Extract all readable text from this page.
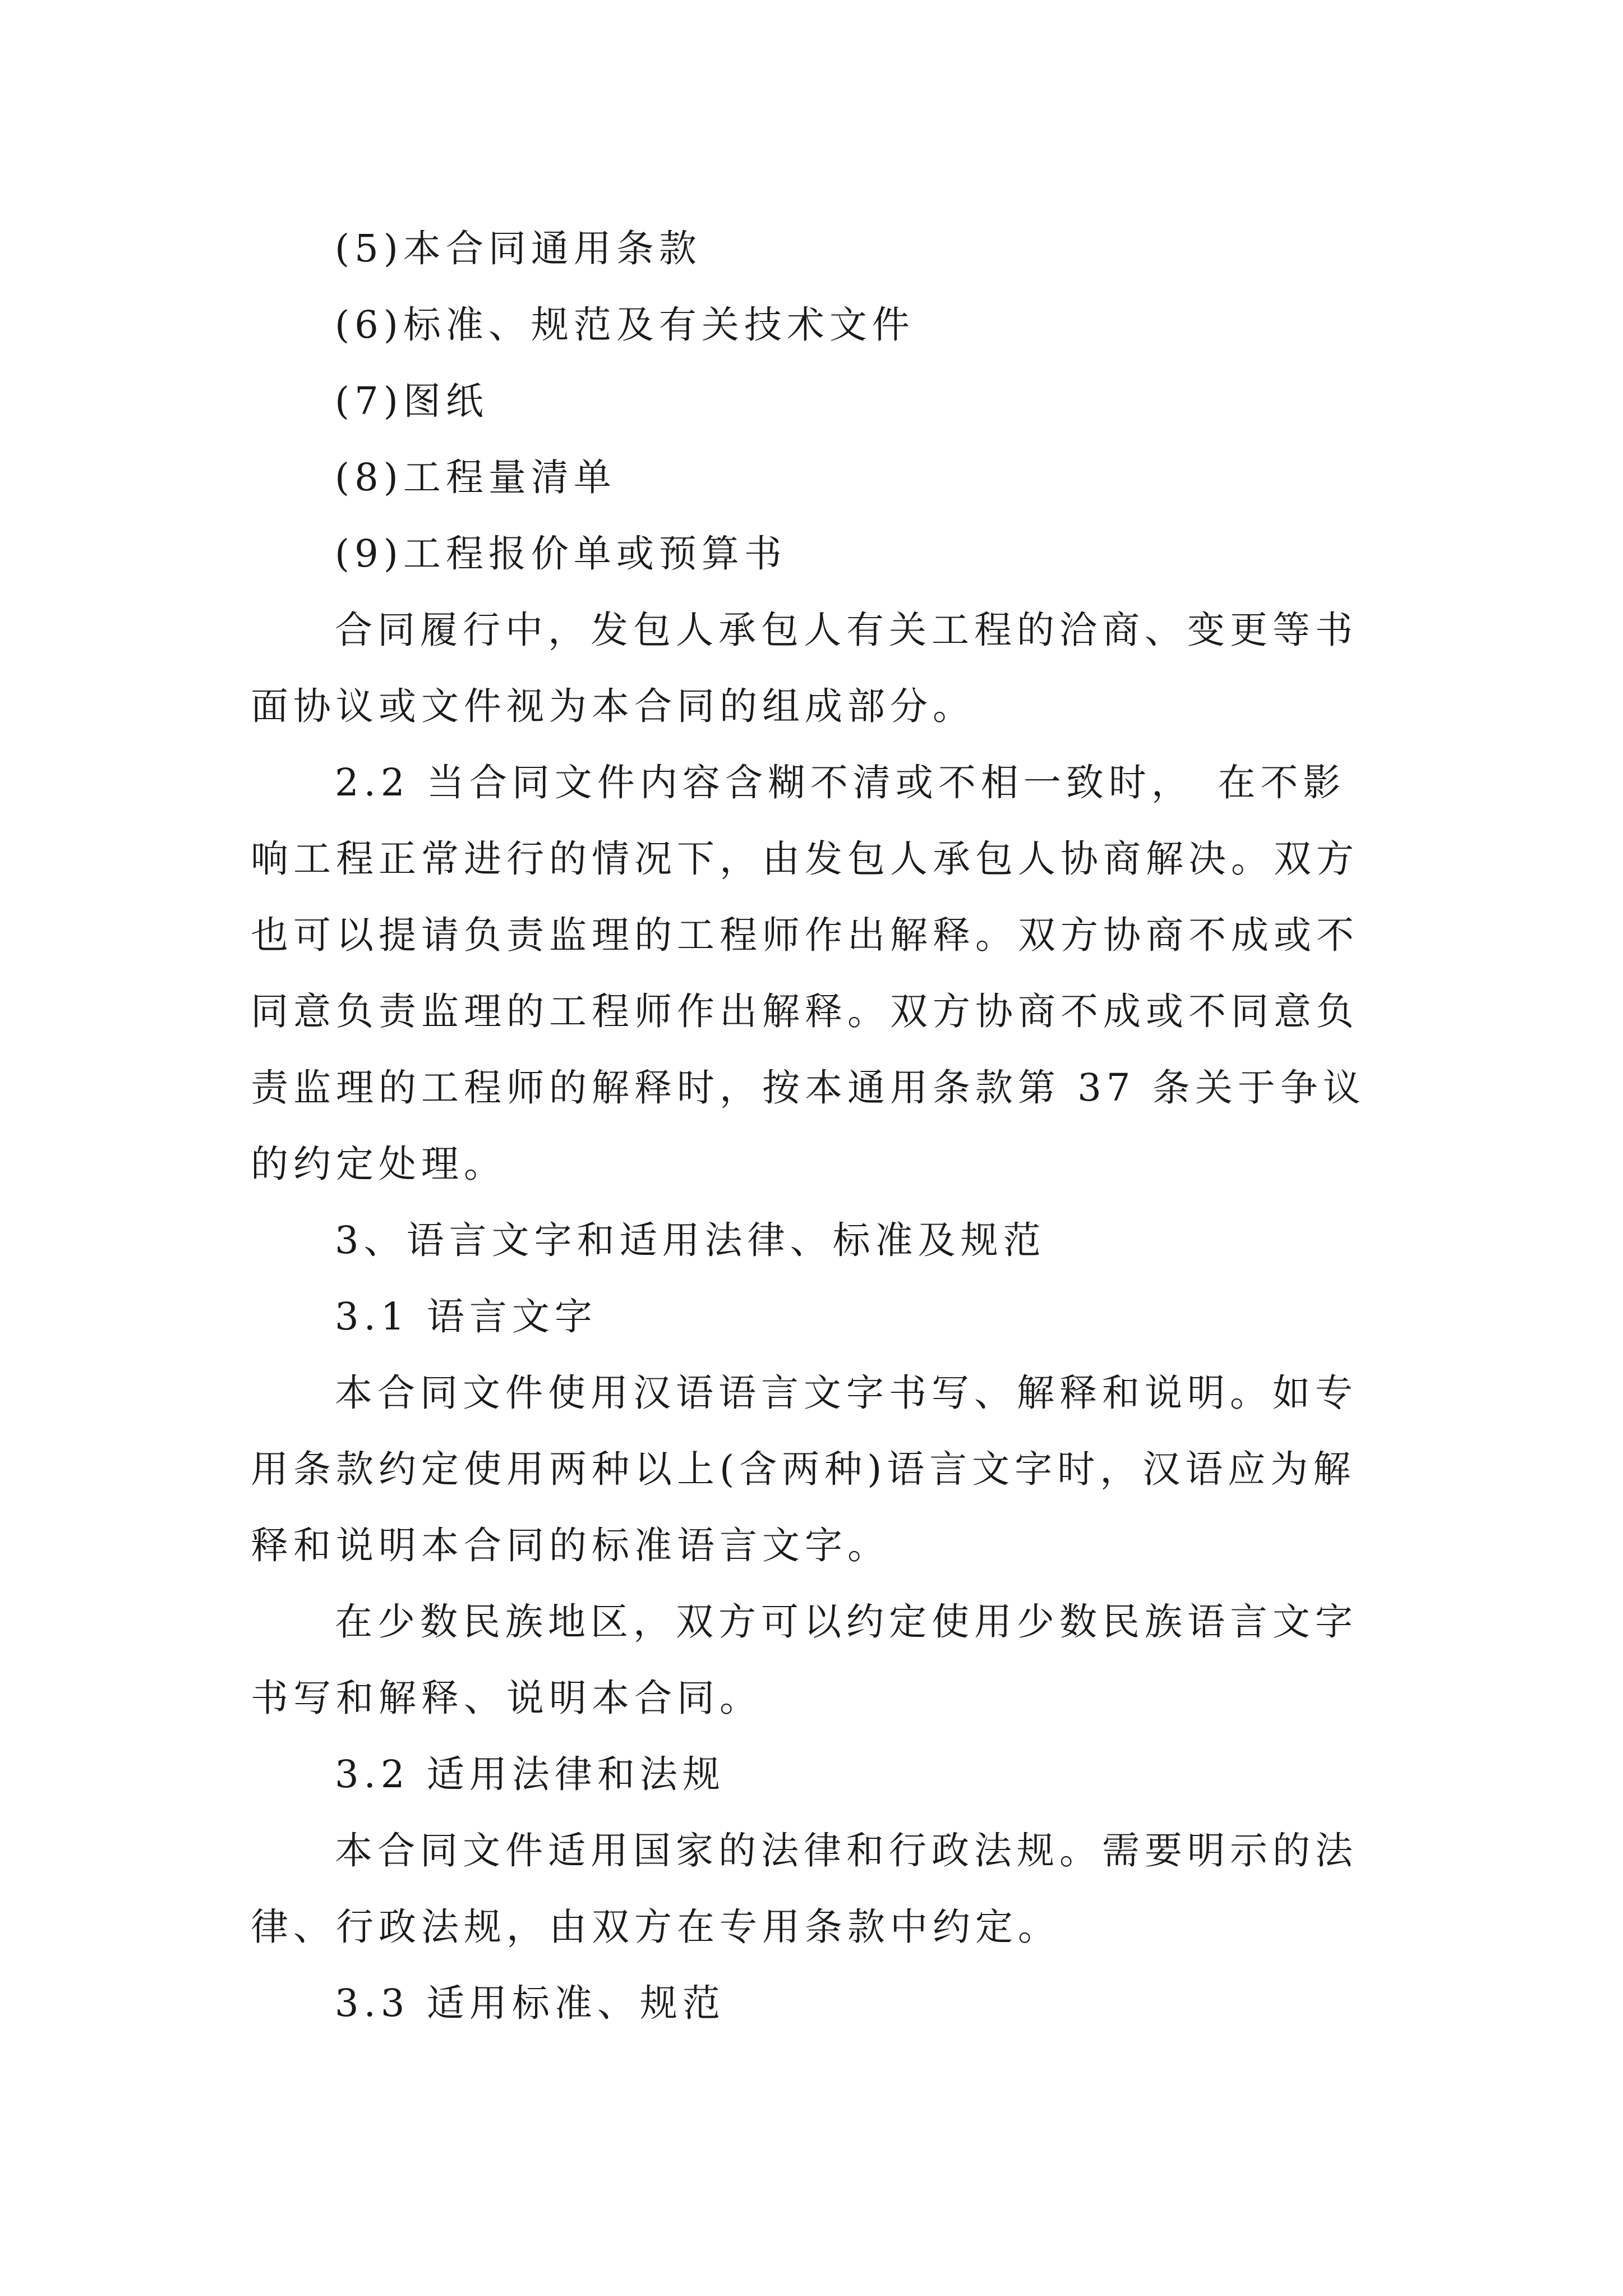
(5)本合同通用条款
(6)标准、规范及有关技术文件
(7)图纸
(8)工程量清单
(9)工程报价单或预算书
合同履行中，发包人承包人有关工程的洽商、变更等书
面协议或文件视为本合同的组成部分。
2.2 当合同文件内容含糊不清或不相一致时，　在不影
响工程正常进行的情况下，由发包人承包人协商解决。双方
也可以提请负责监理的工程师作出解释。双方协商不成或不
同意负责监理的工程师作出解释。双方协商不成或不同意负
责监理的工程师的解释时，按本通用条款第 37 条关于争议
的约定处理。
3、语言文字和适用法律、标准及规范
3.1 语言文字
本合同文件使用汉语语言文字书写、解释和说明。如专
用条款约定使用两种以上(含两种)语言文字时，汉语应为解
释和说明本合同的标准语言文字。
在少数民族地区，双方可以约定使用少数民族语言文字
书写和解释、说明本合同。
3.2 适用法律和法规
本合同文件适用国家的法律和行政法规。需要明示的法
律、行政法规，由双方在专用条款中约定。
3.3 适用标准、规范
